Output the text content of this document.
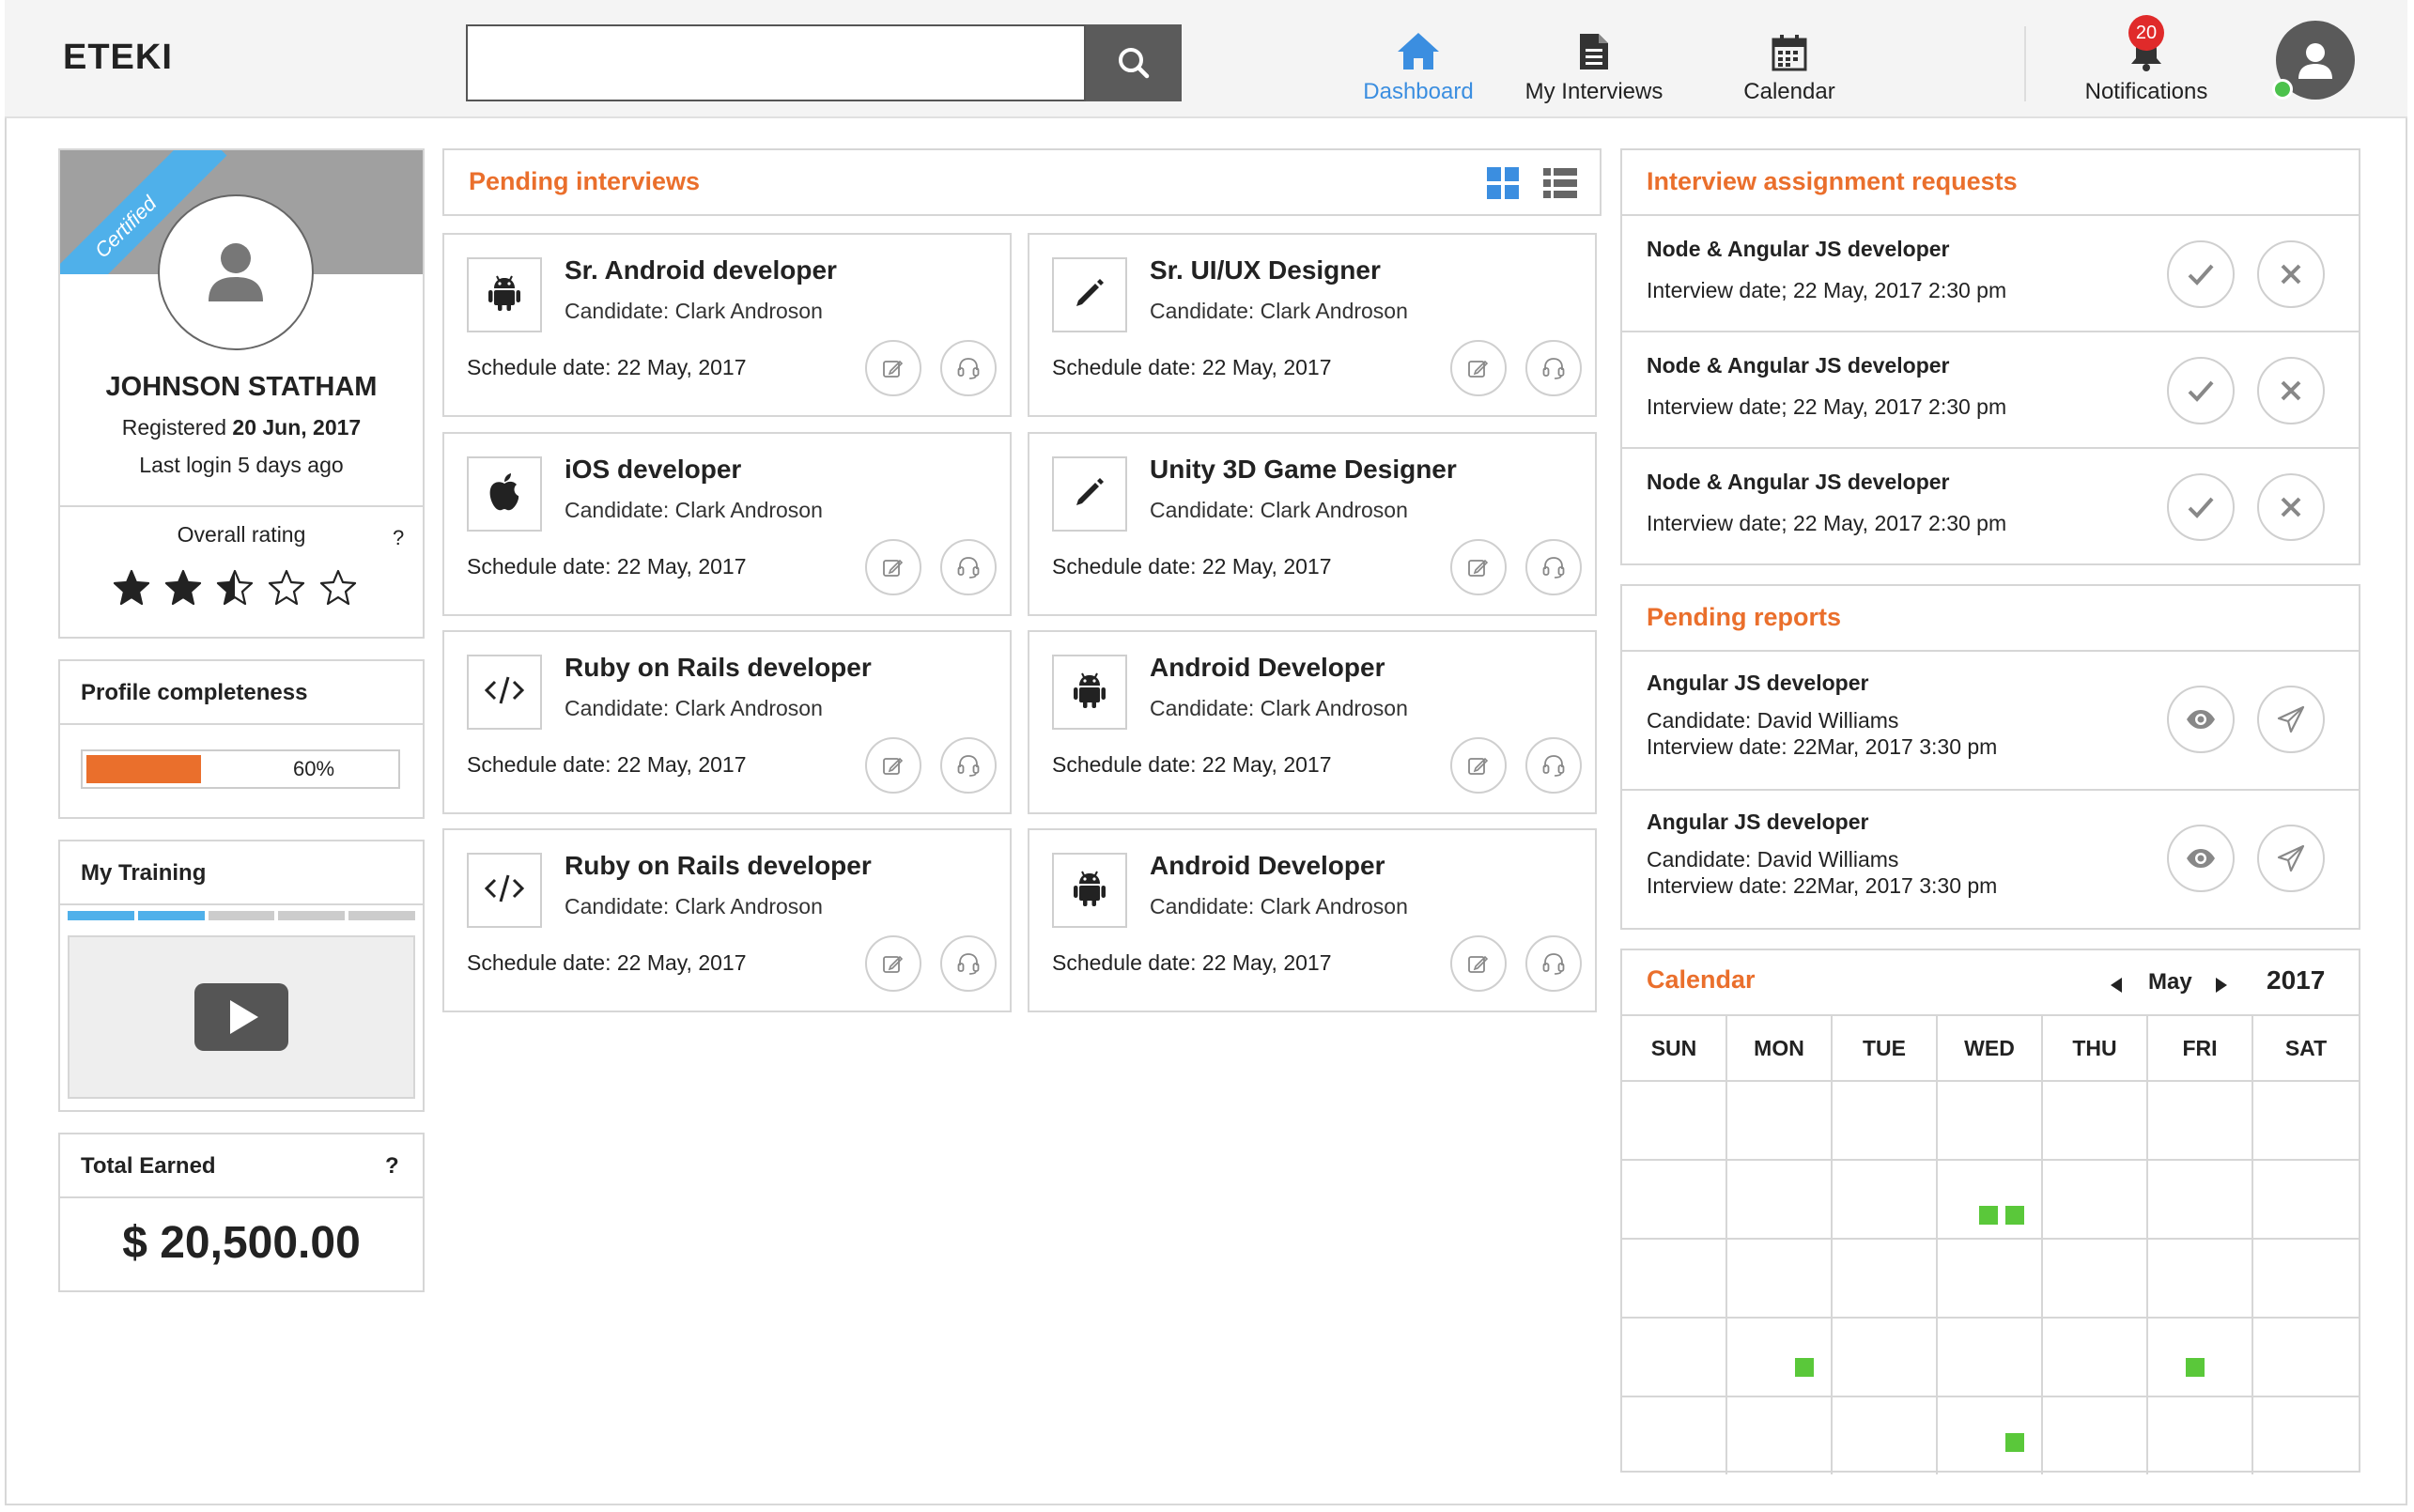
ETEKI
Dashboard	My Interviews	Calendar	Notifications
20
Certified
JOHNSON STATHAM
Registered 20 Jun, 2017
Last login 5 days ago
Overall rating	?
Profile completeness
60%
My Training
Total Earned	?
$ 20,500.00
Pending interviews
Sr. Android developer
Candidate: Clark Androson
Schedule date: 22 May, 2017
Sr. UI/UX Designer
Candidate: Clark Androson
Schedule date: 22 May, 2017
iOS developer
Candidate: Clark Androson
Schedule date: 22 May, 2017
Unity 3D Game Designer
Candidate: Clark Androson
Schedule date: 22 May, 2017
Ruby on Rails developer
Candidate: Clark Androson
Schedule date: 22 May, 2017
Android Developer
Candidate: Clark Androson
Schedule date: 22 May, 2017
Ruby on Rails developer
Candidate: Clark Androson
Schedule date: 22 May, 2017
Android Developer
Candidate: Clark Androson
Schedule date: 22 May, 2017
Interview assignment requests
Node & Angular JS developer
Interview date; 22 May, 2017 2:30 pm
Node & Angular JS developer
Interview date; 22 May, 2017 2:30 pm
Node & Angular JS developer
Interview date; 22 May, 2017 2:30 pm
Pending reports
Angular JS developer
Candidate: David Williams
Interview date: 22Mar, 2017 3:30 pm
Angular JS developer
Candidate: David Williams
Interview date: 22Mar, 2017 3:30 pm
Calendar	May	2017
SUN	MON	TUE	WED	THU	FRI	SAT
